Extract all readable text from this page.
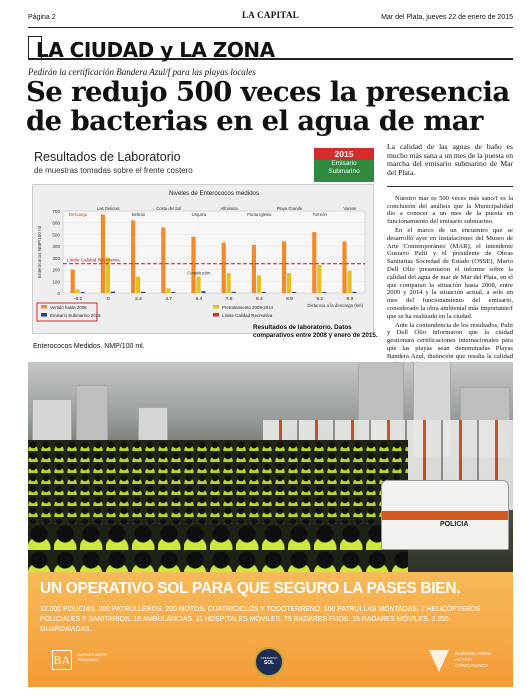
Página 2	LA CAPITAL	Mar del Plata, jueves 22 de enero de 2015
LA CIUDAD y LA ZONA
Pedirán la certificación Bandera Azul/f para las playas locales
Se redujo 500 veces la presencia
de bacterias en el agua de mar
Resultados de Laboratorio
de muestras tomadas sobre el frente costero
2015
Emisario
Submarino
Niveles de Enterococos medidos
0
100
200
300
400
500
600
700
Enterococos NMP/100 ml	Límite Calidad Recreativa
Descarga
Las Delicias
Beltrán
Costa del Sol
Urquiza
Alfonsina
Punta Iglesia
Playa Grande
Torreón
Varese
Constitución
-6.2	0	2.4	4.7	6.4	7.8	8.4	8.9	9.2	9.9
Distancia a la descarga (km)
Vertido hasta 2008
Emisario Submarino 2015
Pretratamiento 2009-2014
Límite Calidad Recreativa
Resultados de laboratorio. Datos comparativos entre 2008 y enero de 2015.
Enterococos Medidos. NMP/100 ml.
La calidad de las aguas de baño es mucho más sana a un mes de la puesta en marcha del emisario submarino de Mar del Plata.

Nuestro mar es 500 veces más sano/f es la conclusión del análisis que la Municipalidad dio a conocer a un mes de la puesta en funcionamiento del emisario submarino.

En el marco de un encuentro que se desarrolló ayer en instalaciones del Museo de Arte Contemporáneo (MAR), el intendente Gustavo Pulti y el presidente de Obras Sanitarias Sociedad de Estado (OSSE), Mario Dell Olio presentaron el informe sobre la calidad del agua de mar de Mar del Plata, en el que comparan la situación hasta 2008, entre 2009 y 2014 y la situación actual, a solo un mes del funcionamiento del emisario, considerado la obra ambiental más importante/f que se ha realizado en la ciudad.

Ante la contundencia de los resultados, Pulti y Dell Olio informaron que la ciudad gestionará certificaciones internacionales para que las playas sean denominadas Playas Bandera Azul, distinción que resalta la calidad

POLICIA
UN OPERATIVO SOL PARA QUE SEGURO LA PASES BIEN.
12.000 POLICÍAS. 200 PATRULLEROS. 200 MOTOS, CUATRICICLOS Y TODOTERRENO. 100 PATRULLAS MONTADAS. 7 HELICÓPTEROS
POLICIALES Y SANITARIOS. 18 AMBULANCIAS. 11 HOSPITALES MÓVILES. 75 RADARES FIJOS. 15 RADARES MÓVILES. 2.350 GUARDAVIDAS.
BA	BUENOS AIRES PROVINCIA	OPERATIVO
SOL
BUENOS AIRES
ACTIVA
CÓMO NUNCA
